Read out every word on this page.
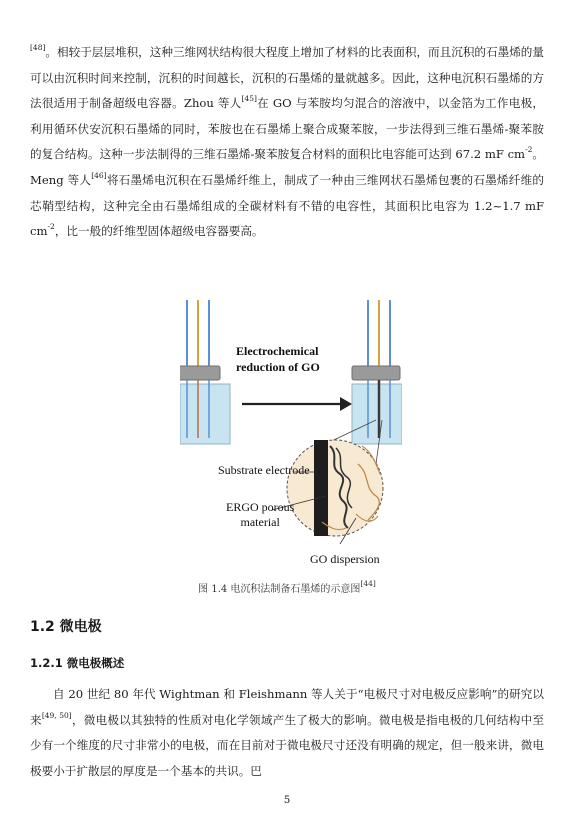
[48]。相较于层层堆积，这种三维网状结构很大程度上增加了材料的比表面积，而且沉积的石墨烯的量可以由沉积时间来控制，沉积的时间越长，沉积的石墨烯的量就越多。因此，这种电沉积石墨烯的方法很适用于制备超级电容器。Zhou 等人[45]在 GO 与苯胺均匀混合的溶液中，以金箔为工作电极，利用循环伏安沉积石墨烯的同时，苯胺也在石墨烯上聚合成聚苯胺，一步法得到三维石墨烯-聚苯胺的复合结构。这种一步法制得的三维石墨烯-聚苯胺复合材料的面积比电容能可达到 67.2 mF $cm^{-2}$。Meng 等人[46]将石墨烯电沉积在石墨烯纤维上，制成了一种由三维网状石墨烯包裹的石墨烯纤维的芯鞘型结构，这种完全由石墨烯组成的全碳材料有不错的电容性，其面积比电容为 1.2~1.7 mF $cm^{-2}$，比一般的纤维型固体超级电容器要高。

Electrochemical
reduction of GO
Substrate electrode
ERGO porous
material
GO dispersion
图 1.4 电沉积法制备石墨烯的示意图[44]
1.2 微电极
1.2.1 微电极概述

自 20 世纪 80 年代 Wightman 和 Fleishmann 等人关于“电极尺寸对电极反应影响”的研究以来[49, 50]，微电极以其独特的性质对电化学领域产生了极大的影响。微电极是指电极的几何结构中至少有一个维度的尺寸非常小的电极，而在目前对于微电极尺寸还没有明确的规定，但一般来讲，微电极要小于扩散层的厚度是一个基本的共识。巴

5
